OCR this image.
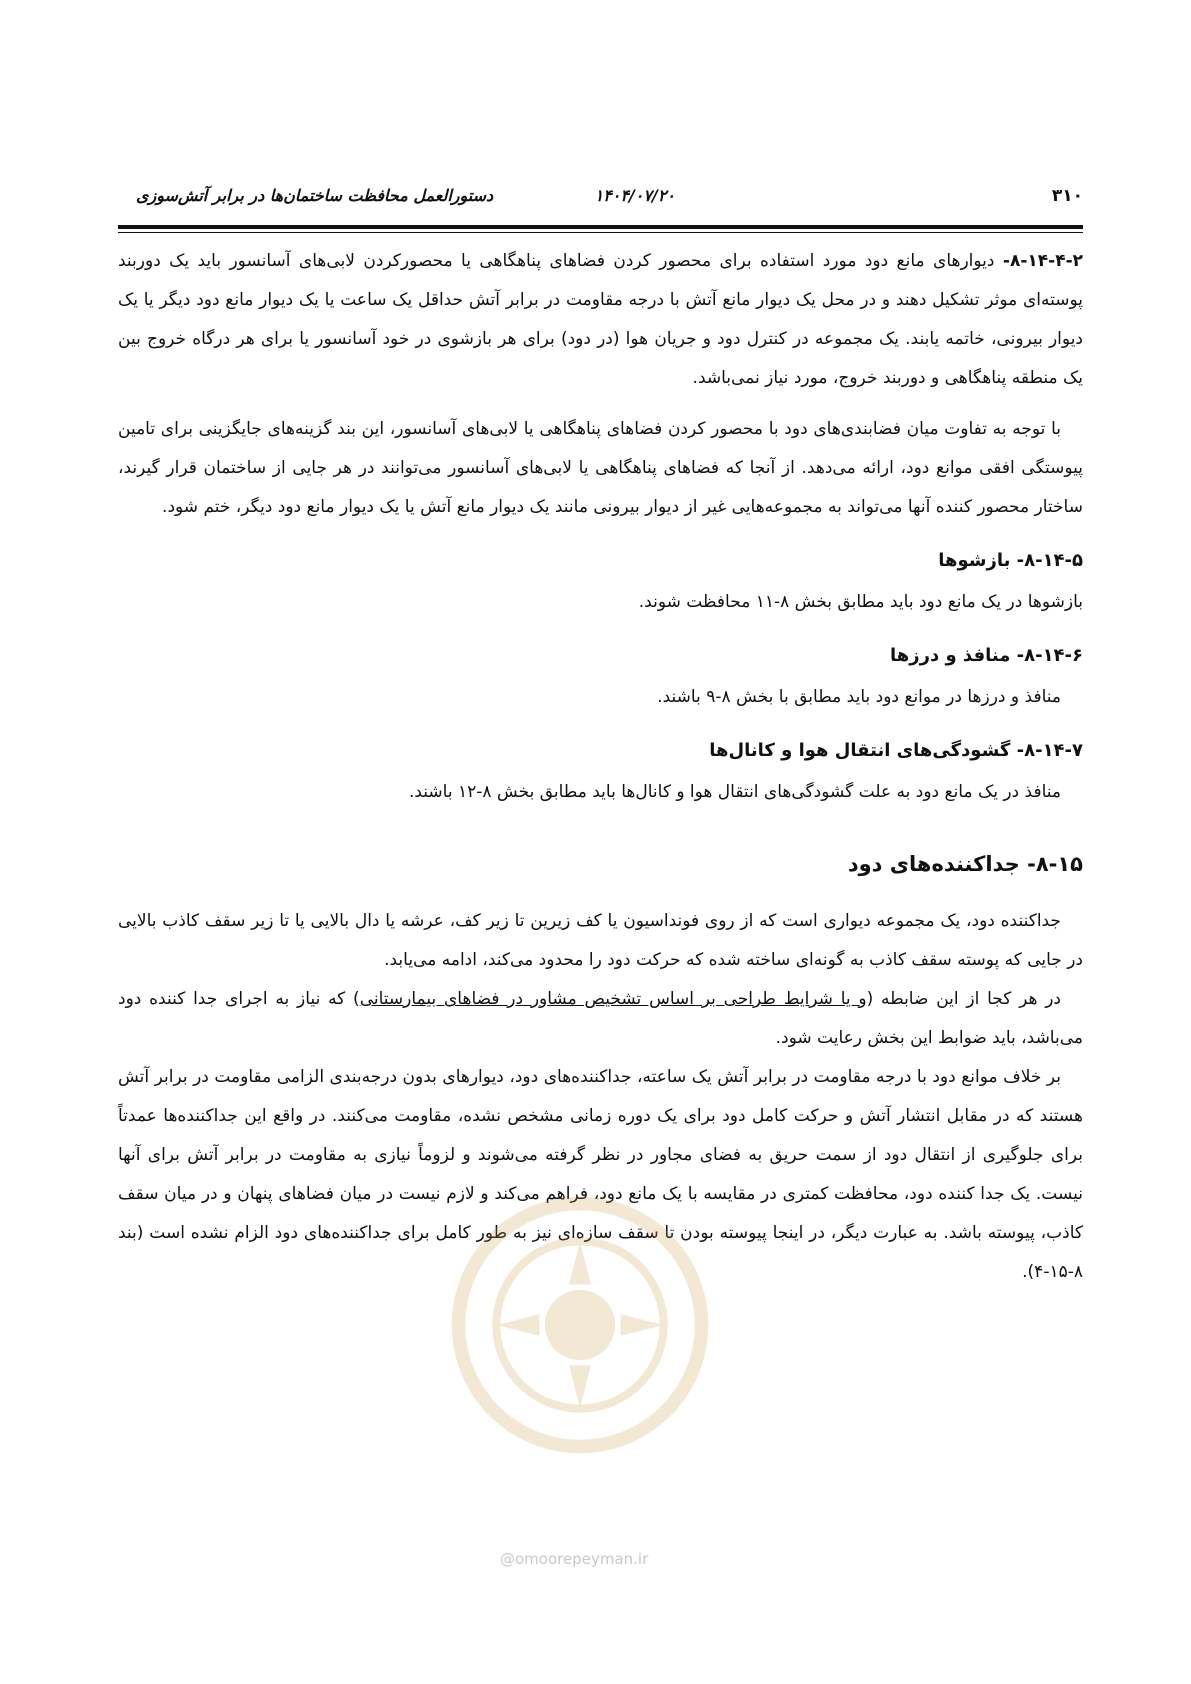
۳۱۰
۱۴۰۴/۰۷/۲۰
دستورالعمل محافظت ساختمان‌ها در برابر آتش‌سوزی

۸-۱۴-۴-۲- دیوارهای مانع دود مورد استفاده برای محصور کردن فضاهای پناهگاهی یا محصورکردن لابی‌های آسانسور باید یک دوربند پوسته‌ای موثر تشکیل دهند و در محل یک دیوار مانع آتش با درجه مقاومت در برابر آتش حداقل یک ساعت یا یک دیوار مانع دود دیگر یا یک دیوار بیرونی، خاتمه یابند. یک مجموعه در کنترل دود و جریان هوا (در دود) برای هر بازشوی در خود آسانسور یا برای هر درگاه خروج بین یک منطقه پناهگاهی و دوربند خروج، مورد نیاز نمی‌باشد.

با توجه به تفاوت میان فضابندی‌های دود با محصور کردن فضاهای پناهگاهی یا لابی‌های آسانسور، این بند گزینه‌های جایگزینی برای تامین پیوستگی افقی موانع دود، ارائه می‌دهد. از آنجا که فضاهای پناهگاهی یا لابی‌های آسانسور می‌توانند در هر جایی از ساختمان قرار گیرند، ساختار محصور کننده آنها می‌تواند به مجموعه‌هایی غیر از دیوار بیرونی مانند یک دیوار مانع آتش یا یک دیوار مانع دود دیگر، ختم شود.

۸-۱۴-۵- بازشوها

بازشوها در یک مانع دود باید مطابق بخش ۸-۱۱ محافظت شوند.

۸-۱۴-۶- منافذ و درزها

منافذ و درزها در موانع دود باید مطابق با بخش ۸-۹ باشند.

۸-۱۴-۷- گشودگی‌های انتقال هوا و کانال‌ها

منافذ در یک مانع دود به علت گشودگی‌های انتقال هوا و کانال‌ها باید مطابق بخش ۸-۱۲ باشند.

۸-۱۵- جداکننده‌های دود

جداکننده دود، یک مجموعه دیواری است که از روی فونداسیون یا کف زیرین تا زیر کف، عرشه یا دال بالایی یا تا زیر سقف کاذب بالایی در جایی که پوسته سقف کاذب به گونه‌ای ساخته شده که حرکت دود را محدود می‌کند، ادامه می‌یابد.

در هر کجا از این ضابطه (و یا شرایط طراحی بر اساس تشخیص مشاور در فضاهای بیمارستانی) که نیاز به اجرای جدا کننده دود می‌باشد، باید ضوابط این بخش رعایت شود.

بر خلاف موانع دود با درجه مقاومت در برابر آتش یک ساعته، جداکننده‌های دود، دیوارهای بدون درجه‌بندی الزامی مقاومت در برابر آتش هستند که در مقابل انتشار آتش و حرکت کامل دود برای یک دوره زمانی مشخص نشده، مقاومت می‌کنند. در واقع این جداکننده‌ها عمدتاً برای جلوگیری از انتقال دود از سمت حریق به فضای مجاور در نظر گرفته می‌شوند و لزوماً نیازی به مقاومت در برابر آتش برای آنها نیست. یک جدا کننده دود، محافظت کمتری در مقایسه با یک مانع دود، فراهم می‌کند و لازم نیست در میان فضاهای پنهان و در میان سقف کاذب، پیوسته باشد. به عبارت دیگر، در اینجا پیوسته بودن تا سقف سازه‌ای نیز به طور کامل برای جداکننده‌های دود الزام نشده است (بند ۸-۱۵-۴).

@omoorepeyman.ir
